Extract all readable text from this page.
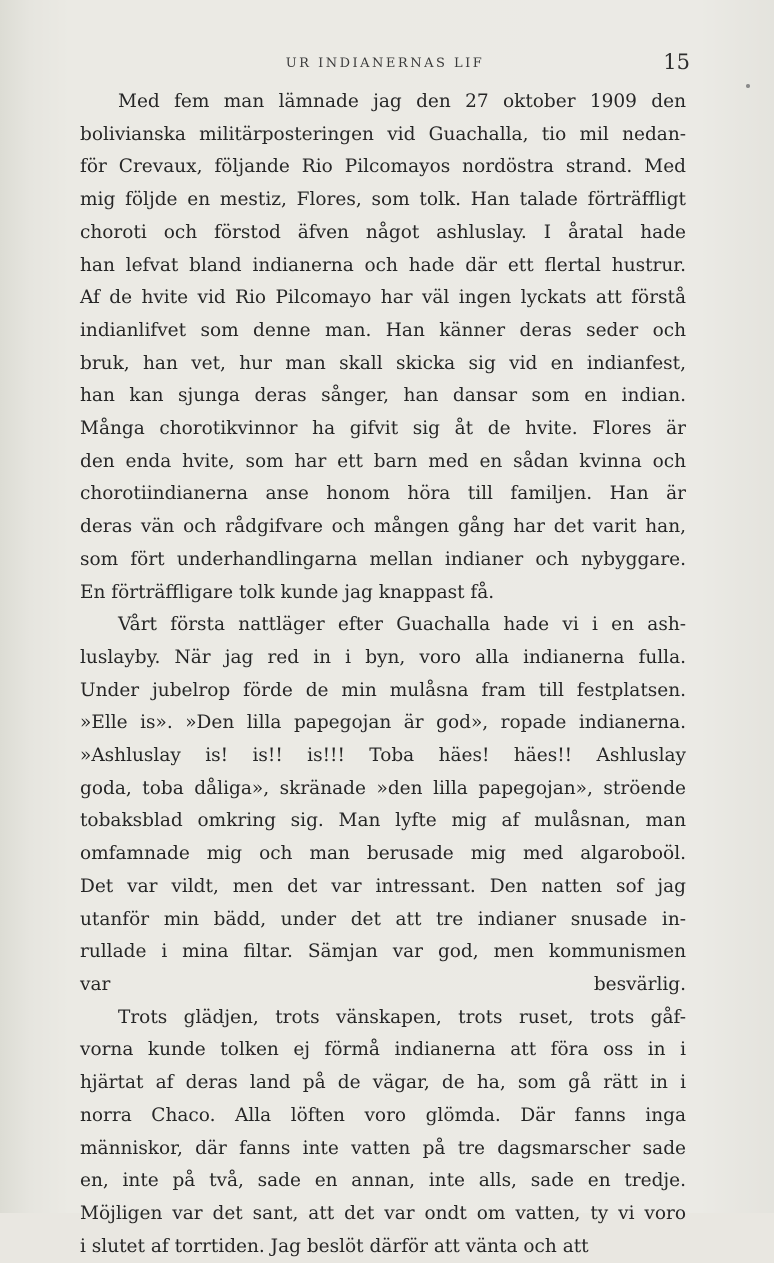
UR INDIANERNAS LIF	15
Med fem man lämnade jag den 27 oktober 1909 den
bolivianska militärposteringen vid Guachalla, tio mil nedan-
för Crevaux, följande Rio Pilcomayos nordöstra strand. Med
mig följde en mestiz, Flores, som tolk. Han talade förträffligt
choroti och förstod äfven något ashluslay. I åratal hade
han lefvat bland indianerna och hade där ett flertal hustrur.
Af de hvite vid Rio Pilcomayo har väl ingen lyckats att förstå
indianlifvet som denne man. Han känner deras seder och
bruk, han vet, hur man skall skicka sig vid en indianfest,
han kan sjunga deras sånger, han dansar som en indian.
Många chorotikvinnor ha gifvit sig åt de hvite. Flores är
den enda hvite, som har ett barn med en sådan kvinna och
chorotiindianerna anse honom höra till familjen. Han är
deras vän och rådgifvare och mången gång har det varit han,
som fört underhandlingarna mellan indianer och nybyggare.
En förträffligare tolk kunde jag knappast få.
Vårt första nattläger efter Guachalla hade vi i en ash-
luslayby. När jag red in i byn, voro alla indianerna fulla.
Under jubelrop förde de min mulåsna fram till festplatsen.
»Elle is». »Den lilla papegojan är god», ropade indianerna.
»Ashluslay is! is!! is!!! Toba häes! häes!! Ashluslay
goda, toba dåliga», skränade »den lilla papegojan», ströende
tobaksblad omkring sig. Man lyfte mig af mulåsnan, man
omfamnade mig och man berusade mig med algaroboöl.
Det var vildt, men det var intressant. Den natten sof jag
utanför min bädd, under det att tre indianer snusade in-
rullade i mina filtar. Sämjan var god, men kommunismen
var besvärlig.
Trots glädjen, trots vänskapen, trots ruset, trots gåf-
vorna kunde tolken ej förmå indianerna att föra oss in i
hjärtat af deras land på de vägar, de ha, som gå rätt in i
norra Chaco. Alla löften voro glömda. Där fanns inga
människor, där fanns inte vatten på tre dagsmarscher sade
en, inte på två, sade en annan, inte alls, sade en tredje.
Möjligen var det sant, att det var ondt om vatten, ty vi voro
i slutet af torrtiden. Jag beslöt därför att vänta och att
